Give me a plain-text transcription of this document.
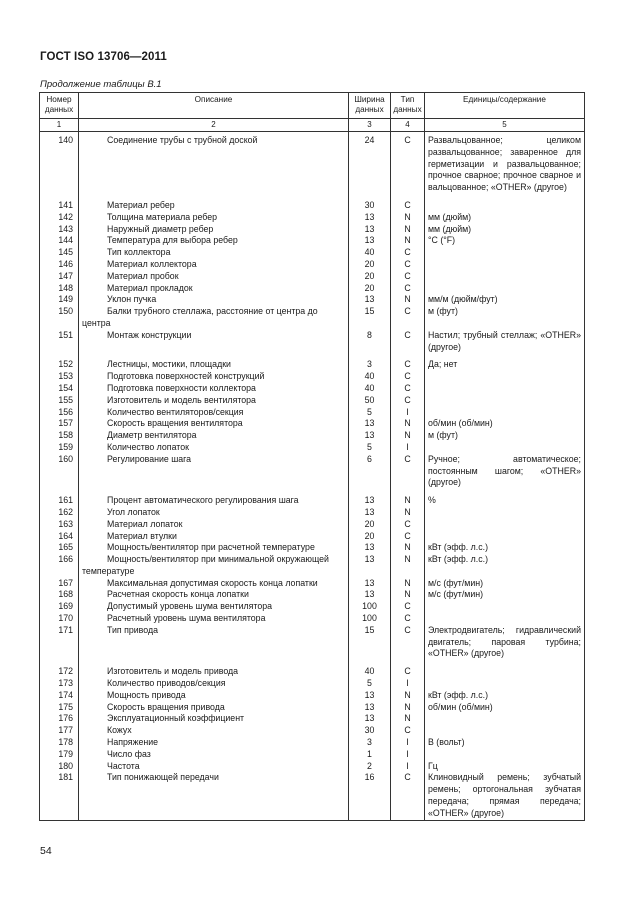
ГОСТ ISO 13706—2011
Продолжение таблицы В.1
Номер данных	Описание	Ширина данных	Тип данных	Единицы/содержание
1	2	3	4	5
140	Соединение трубы с трубной доской	24	C	Развальцованное; целиком развальцованное; заваренное для герметизации и развальцованное; прочное сварное; прочное сварное и вальцованное; «OTHER» (другое)
141	Материал ребер	30	C	
142	Толщина материала ребер	13	N	мм (дюйм)
143	Наружный диаметр ребер	13	N	мм (дюйм)
144	Температура для выбора ребер	13	N	°C (°F)
145	Тип коллектора	40	C	
146	Материал коллектора	20	C	
147	Материал пробок	20	C	
148	Материал прокладок	20	C	
149	Уклон пучка	13	N	мм/м (дюйм/фут)
150	Балки трубного стеллажа, расстояние от центра до центра	15	C	м (фут)
151	Монтаж конструкции	8	C	Настил; трубный стеллаж; «OTHER» (другое)
152	Лестницы, мостики, площадки	3	C	Да; нет
153	Подготовка поверхностей конструкций	40	C	
154	Подготовка поверхности коллектора	40	C	
155	Изготовитель и модель вентилятора	50	C	
156	Количество вентиляторов/секция	5	I	
157	Скорость вращения вентилятора	13	N	об/мин (об/мин)
158	Диаметр вентилятора	13	N	м (фут)
159	Количество лопаток	5	I	
160	Регулирование шага	6	C	Ручное; автоматическое; постоянным шагом; «OTHER» (другое)
161	Процент автоматического регулирования шага	13	N	%
162	Угол лопаток	13	N	
163	Материал лопаток	20	C	
164	Материал втулки	20	C	
165	Мощность/вентилятор при расчетной температуре	13	N	кВт (эфф. л.с.)
166	Мощность/вентилятор при минимальной окружающей температуре	13	N	кВт (эфф. л.с.)
167	Максимальная допустимая скорость конца лопатки	13	N	м/с (фут/мин)
168	Расчетная скорость конца лопатки	13	N	м/с (фут/мин)
169	Допустимый уровень шума вентилятора	100	C	
170	Расчетный уровень шума вентилятора	100	C	
171	Тип привода	15	C	Электродвигатель; гидравлический двигатель; паровая турбина; «OTHER» (другое)
172	Изготовитель и модель привода	40	C	
173	Количество приводов/секция	5	I	
174	Мощность привода	13	N	кВт (эфф. л.с.)
175	Скорость вращения привода	13	N	об/мин (об/мин)
176	Эксплуатационный коэффициент	13	N	
177	Кожух	30	C	
178	Напряжение	3	I	В (вольт)
179	Число фаз	1	I	
180	Частота	2	I	Гц
181	Тип понижающей передачи	16	C	Клиновидный ремень; зубчатый ремень; ортогональная зубчатая передача; прямая передача; «OTHER» (другое)
54
